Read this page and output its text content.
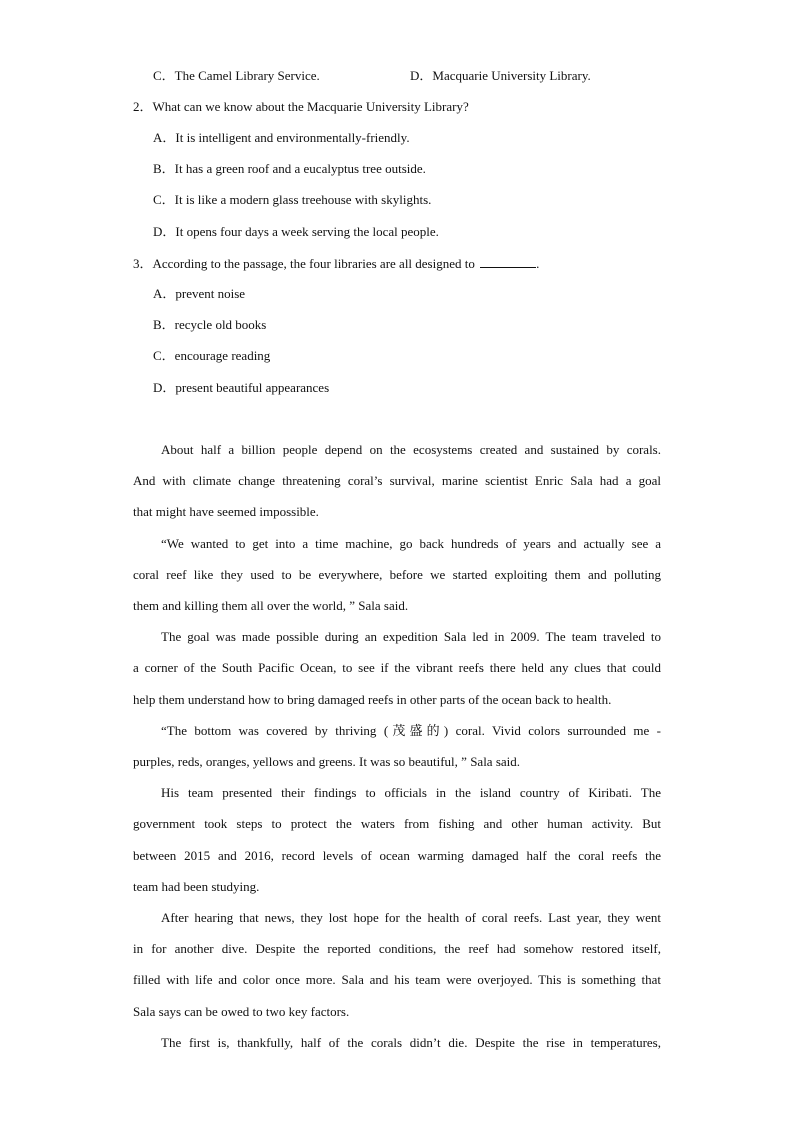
C．The Camel Library Service.	D．Macquarie University Library.
2．What can we know about the Macquarie University Library?
A．It is intelligent and environmentally-friendly.
B．It has a green roof and a eucalyptus tree outside.
C．It is like a modern glass treehouse with skylights.
D．It opens four days a week serving the local people.
3．According to the passage, the four libraries are all designed to	.
A．prevent noise
B．recycle old books
C．encourage reading
D．present beautiful appearances
About half a billion people depend on the ecosystems created and sustained by corals.
And with climate change threatening coral’s survival, marine scientist Enric Sala had a goal
that might have seemed impossible.
“We wanted to get into a time machine, go back hundreds of years and actually see a
coral reef like they used to be everywhere, before we started exploiting them and polluting
them and killing them all over the world, ” Sala said.
The goal was made possible during an expedition Sala led in 2009. The team traveled to
a corner of the South Pacific Ocean, to see if the vibrant reefs there held any clues that could
help them understand how to bring damaged reefs in other parts of the ocean back to health.
“The bottom was covered by thriving (茂盛的) coral. Vivid colors surrounded me -
purples, reds, oranges, yellows and greens. It was so beautiful, ” Sala said.
His team presented their findings to officials in the island country of Kiribati. The
government took steps to protect the waters from fishing and other human activity. But
between 2015 and 2016, record levels of ocean warming damaged half the coral reefs the
team had been studying.
After hearing that news, they lost hope for the health of coral reefs. Last year, they went
in for another dive. Despite the reported conditions, the reef had somehow restored itself,
filled with life and color once more. Sala and his team were overjoyed. This is something that
Sala says can be owed to two key factors.
The first is, thankfully, half of the corals didn’t die. Despite the rise in temperatures,
